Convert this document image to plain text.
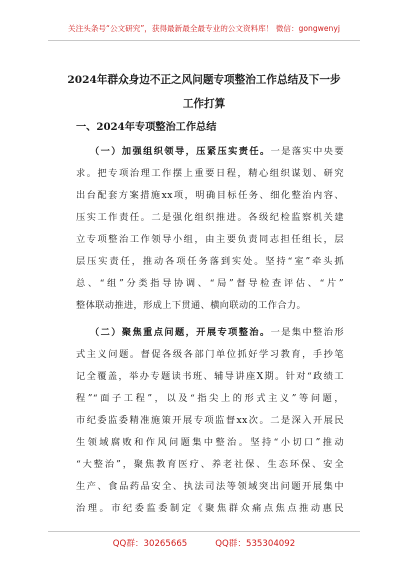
关注头条号“公文研究”，获得最新最全最专业的公文资料库！ 微信：gongwenyj
2024年群众身边不正之风问题专项整治工作总结及下一步
工作打算
一、2024年专项整治工作总结
（一）加强组织领导，压紧压实责任。一是落实中央要
求。把专项治理工作摆上重要日程，精心组织谋划、研究
出台配套方案措施xx项，明确目标任务、细化整治内容、
压实工作责任。二是强化组织推进。各级纪检监察机关建
立专项整治工作领导小组，由主要负责同志担任组长，层
层压实责任，推动各项任务落到实处。坚持“室”牵头抓
总、“组”分类指导协调、“局”督导检查评估、“片”
整体联动推进，形成上下贯通、横向联动的工作合力。
（二）聚焦重点问题，开展专项整治。一是集中整治形
式主义问题。督促各级各部门单位抓好学习教育，手抄笔
记全覆盖，举办专题读书班、辅导讲座X期。针对“政绩工
程”“面子工程”，以及“指尖上的形式主义”等问题，
市纪委监委精准施策开展专项监督xx次。二是深入开展民
生领域腐败和作风问题集中整治。坚持“小切口”推动
“大整治”，聚焦教育医疗、养老社保、生态环保、安全
生产、食品药品安全、执法司法等领域突出问题开展集中
治理。市纪委监委制定《聚焦群众痛点焦点推动惠民
QQ群：30265665	QQ群：535304092
